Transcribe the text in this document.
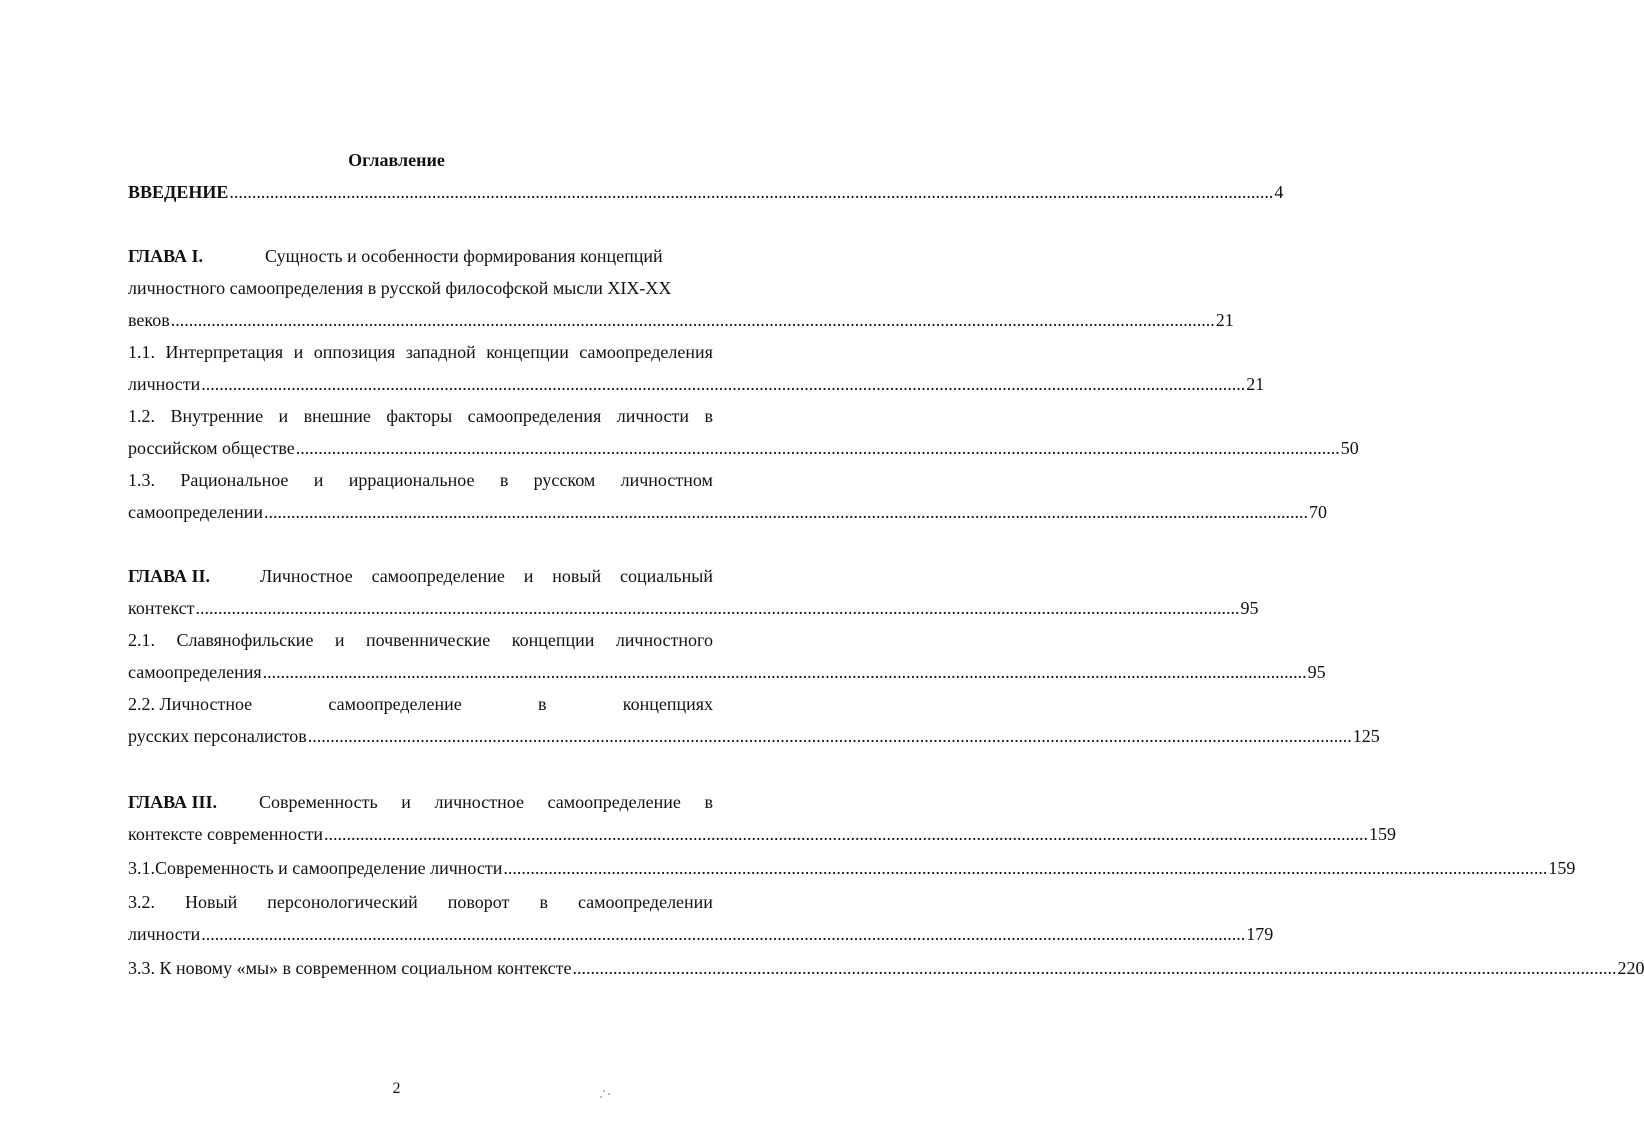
Оглавление
ВВЕДЕНИЕ ........................................................................................................................................................................................................................................ 4
ГЛАВА I.	Сущность и особенности формирования концепций
личностного самоопределения в русской философской мысли XIX-XX
веков ........................................................................................................................................................................................................................................ 21
1.1. Интерпретация и оппозиция западной концепции самоопределения
личности ........................................................................................................................................................................................................................................ 21
1.2. Внутренние и внешние факторы самоопределения личности в
российском обществе ........................................................................................................................................................................................................................................ 50
1.3. Рациональное и иррациональное в русском личностном
самоопределении ........................................................................................................................................................................................................................................ 70
ГЛАВА II.	Личностное самоопределение и новый социальный
контекст ........................................................................................................................................................................................................................................ 95
2.1. Славянофильские и почвеннические концепции личностного
самоопределения ........................................................................................................................................................................................................................................ 95
2.2. Личностное	самоопределение	в	концепциях
русских персоналистов ........................................................................................................................................................................................................................................ 125
ГЛАВА III. Современность и личностное самоопределение в
контексте современности ........................................................................................................................................................................................................................................ 159
3.1.Современность и самоопределение личности ........................................................................................................................................................................................................................................ 159
3.2. Новый персонологический поворот в самоопределении
личности ........................................................................................................................................................................................................................................ 179
3.3. К новому «мы» в современном социальном контексте ........................................................................................................................................................................................................................................ 220
2
